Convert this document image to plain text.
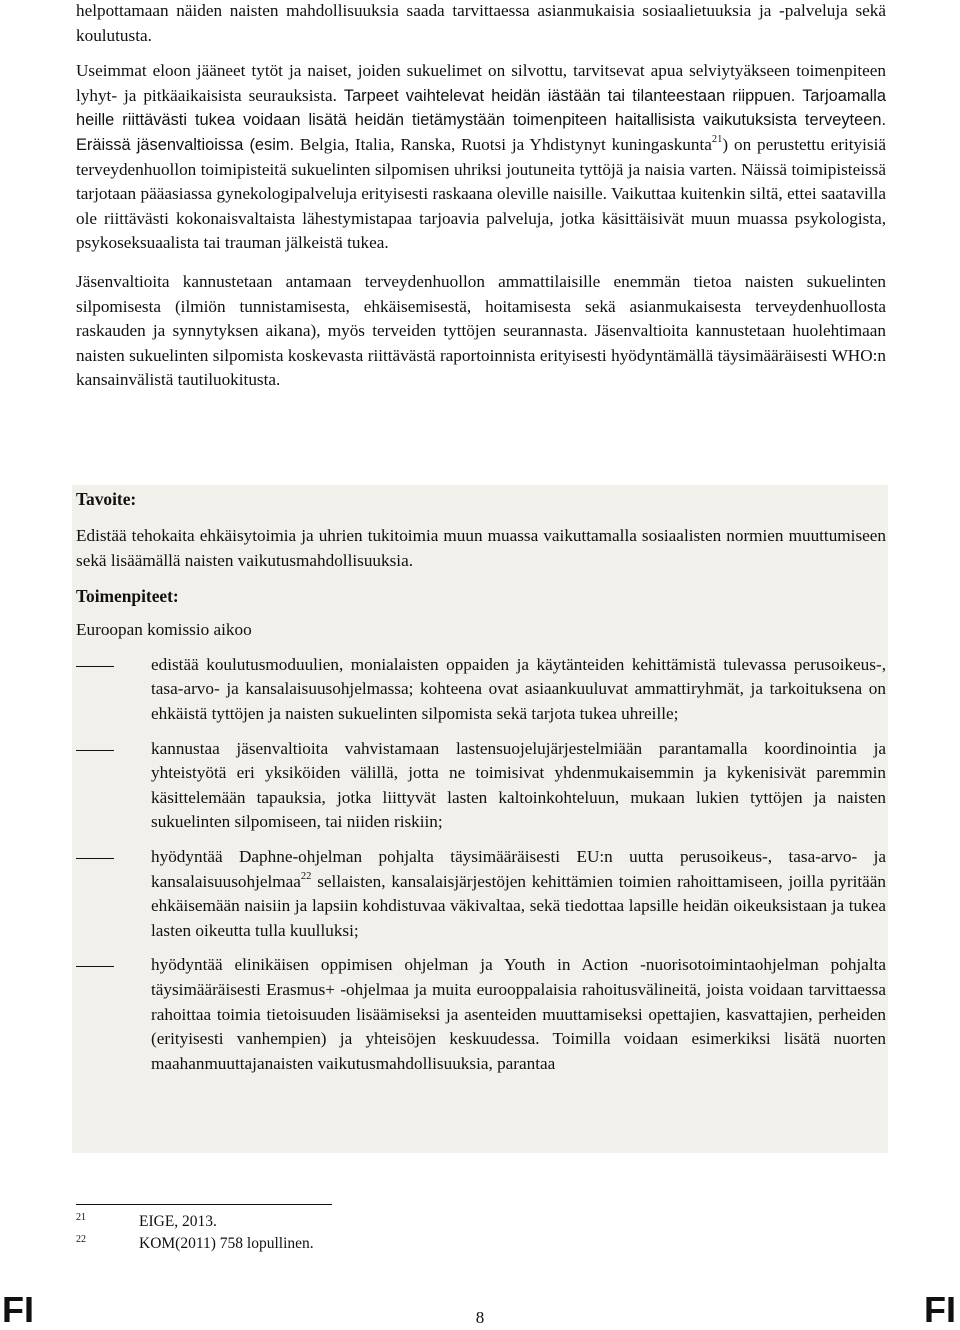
helpottamaan näiden naisten mahdollisuuksia saada tarvittaessa asianmukaisia sosiaalietuuksia ja -palveluja sekä koulutusta.

Useimmat eloon jääneet tytöt ja naiset, joiden sukuelimet on silvottu, tarvitsevat apua selviytyäkseen toimenpiteen lyhyt- ja pitkäaikaisista seurauksista. Tarpeet vaihtelevat heidän iästään tai tilanteestaan riippuen. Tarjoamalla heille riittävästi tukea voidaan lisätä heidän tietämystään toimenpiteen haitallisista vaikutuksista terveyteen. Eräissä jäsenvaltioissa (esim. Belgia, Italia, Ranska, Ruotsi ja Yhdistynyt kuningaskunta$^{21}$) on perustettu erityisiä terveydenhuollon toimipisteitä sukuelinten silpomisen uhriksi joutuneita tyttöjä ja naisia varten. Näissä toimipisteissä tarjotaan pääasiassa gynekologipalveluja erityisesti raskaana oleville naisille. Vaikuttaa kuitenkin siltä, ettei saatavilla ole riittävästi kokonaisvaltaista lähestymistapaa tarjoavia palveluja, jotka käsittäisivät muun muassa psykologista, psykoseksuaalista tai trauman jälkeistä tukea.

Jäsenvaltioita kannustetaan antamaan terveydenhuollon ammattilaisille enemmän tietoa naisten sukuelinten silpomisesta (ilmiön tunnistamisesta, ehkäisemisestä, hoitamisesta sekä asianmukaisesta terveydenhuollosta raskauden ja synnytyksen aikana), myös terveiden tyttöjen seurannasta. Jäsenvaltioita kannustetaan huolehtimaan naisten sukuelinten silpomista koskevasta riittävästä raportoinnista erityisesti hyödyntämällä täysimääräisesti WHO:n kansainvälistä tautiluokitusta.

Tavoite:

Edistää tehokaita ehkäisytoimia ja uhrien tukitoimia muun muassa vaikuttamalla sosiaalisten normien muuttumiseen sekä lisäämällä naisten vaikutusmahdollisuuksia.

Toimenpiteet:

Euroopan komissio aikoo

edistää koulutusmoduulien, monialaisten oppaiden ja käytänteiden kehittämistä tulevassa perusoikeus-, tasa-arvo- ja kansalaisuusohjelmassa; kohteena ovat asiaankuuluvat ammattiryhmät, ja tarkoituksena on ehkäistä tyttöjen ja naisten sukuelinten silpomista sekä tarjota tukea uhreille;

kannustaa jäsenvaltioita vahvistamaan lastensuojelujärjestelmiään parantamalla koordinointia ja yhteistyötä eri yksiköiden välillä, jotta ne toimisivat yhdenmukaisemmin ja kykenisivät paremmin käsittelemään tapauksia, jotka liittyvät lasten kaltoinkohteluun, mukaan lukien tyttöjen ja naisten sukuelinten silpomiseen, tai niiden riskiin;

hyödyntää Daphne-ohjelman pohjalta täysimääräisesti EU:n uutta perusoikeus-, tasa-arvo- ja kansalaisuusohjelmaa$^{22}$ sellaisten, kansalaisjärjestöjen kehittämien toimien rahoittamiseen, joilla pyritään ehkäisemään naisiin ja lapsiin kohdistuvaa väkivaltaa, sekä tiedottaa lapsille heidän oikeuksistaan ja tukea lasten oikeutta tulla kuulluksi;

hyödyntää elinikäisen oppimisen ohjelman ja Youth in Action -nuorisotoimintaohjelman pohjalta täysimääräisesti Erasmus+ -ohjelmaa ja muita eurooppalaisia rahoitusvälineitä, joista voidaan tarvittaessa rahoittaa toimia tietoisuuden lisäämiseksi ja asenteiden muuttamiseksi opettajien, kasvattajien, perheiden (erityisesti vanhempien) ja yhteisöjen keskuudessa. Toimilla voidaan esimerkiksi lisätä nuorten maahanmuuttajanaisten vaikutusmahdollisuuksia, parantaa

21	EIGE, 2013.
22	KOM(2011) 758 lopullinen.
FI	8	FI
